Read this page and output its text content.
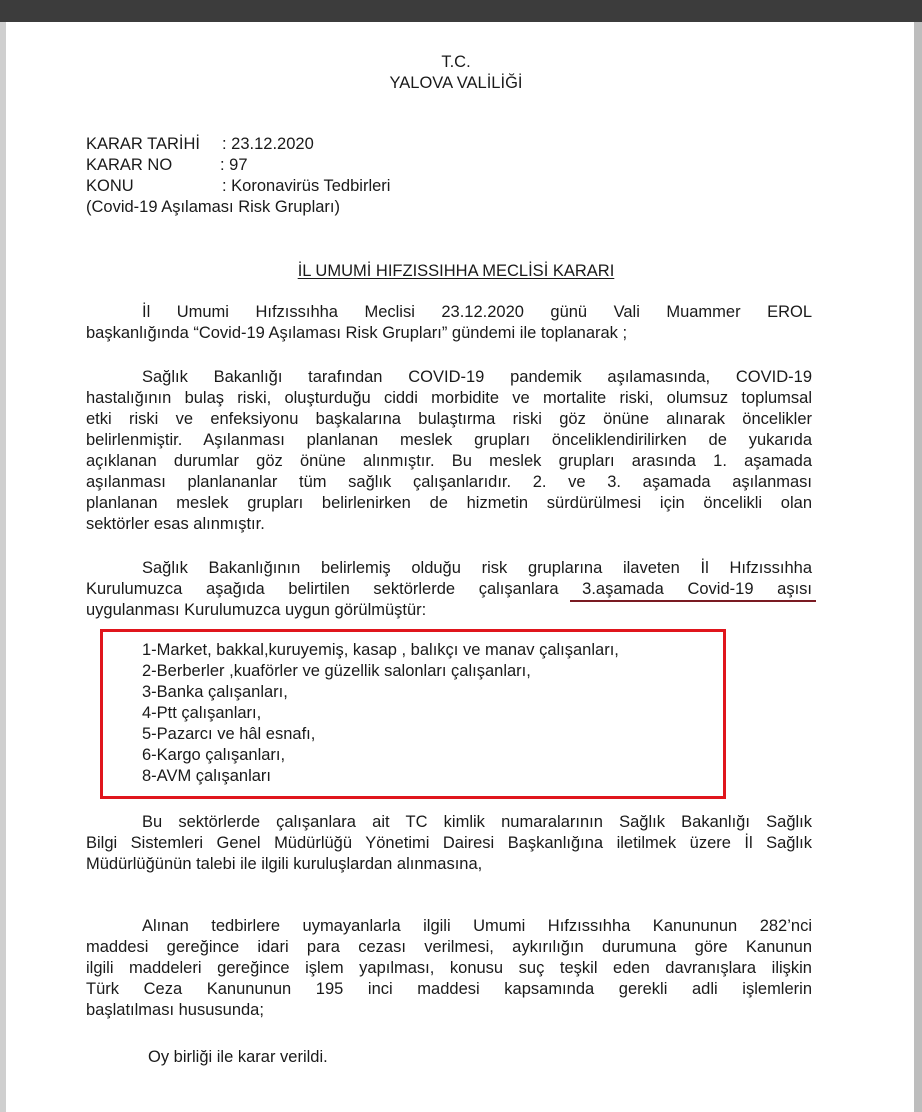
T.C.
YALOVA VALİLİĞİ
KARAR TARİHİ : 23.12.2020
KARAR NO	: 97
KONU	: Koronavirüs Tedbirleri
(Covid-19 Aşılaması Risk Grupları)
İL UMUMİ HIFZISSIHHA MECLİSİ KARARI
İl Umumi Hıfzıssıhha Meclisi 23.12.2020 günü Vali Muammer EROL
başkanlığında “Covid-19 Aşılaması Risk Grupları” gündemi ile toplanarak ;
Sağlık Bakanlığı tarafından COVID-19 pandemik aşılamasında, COVID-19
hastalığının bulaş riski, oluşturduğu ciddi morbidite ve mortalite riski, olumsuz toplumsal
etki riski ve enfeksiyonu başkalarına bulaştırma riski göz önüne alınarak öncelikler
belirlenmiştir. Aşılanması planlanan meslek grupları önceliklendirilirken de yukarıda
açıklanan durumlar göz önüne alınmıştır. Bu meslek grupları arasında 1. aşamada
aşılanması planlananlar tüm sağlık çalışanlarıdır. 2. ve 3. aşamada aşılanması
planlanan meslek grupları belirlenirken de hizmetin sürdürülmesi için öncelikli olan
sektörler esas alınmıştır.
Sağlık Bakanlığının belirlemiş olduğu risk gruplarına ilaveten İl Hıfzıssıhha
Kurulumuzca aşağıda belirtilen sektörlerde çalışanlara 3.aşamada Covid-19 aşısı
uygulanması Kurulumuzca uygun görülmüştür:
1-Market, bakkal,kuruyemiş, kasap , balıkçı ve manav çalışanları,
2-Berberler ,kuaförler ve güzellik salonları çalışanları,
3-Banka çalışanları,
4-Ptt çalışanları,
5-Pazarcı ve hâl esnafı,
6-Kargo çalışanları,
8-AVM çalışanları
Bu sektörlerde çalışanlara ait TC kimlik numaralarının Sağlık Bakanlığı Sağlık
Bilgi Sistemleri Genel Müdürlüğü Yönetimi Dairesi Başkanlığına iletilmek üzere İl Sağlık
Müdürlüğünün talebi ile ilgili kuruluşlardan alınmasına,
Alınan tedbirlere uymayanlarla ilgili Umumi Hıfzıssıhha Kanununun 282’nci
maddesi gereğince idari para cezası verilmesi, aykırılığın durumuna göre Kanunun
ilgili maddeleri gereğince işlem yapılması, konusu suç teşkil eden davranışlara ilişkin
Türk Ceza Kanununun 195 inci maddesi kapsamında gerekli adli işlemlerin
başlatılması hususunda;
Oy birliği ile karar verildi.
